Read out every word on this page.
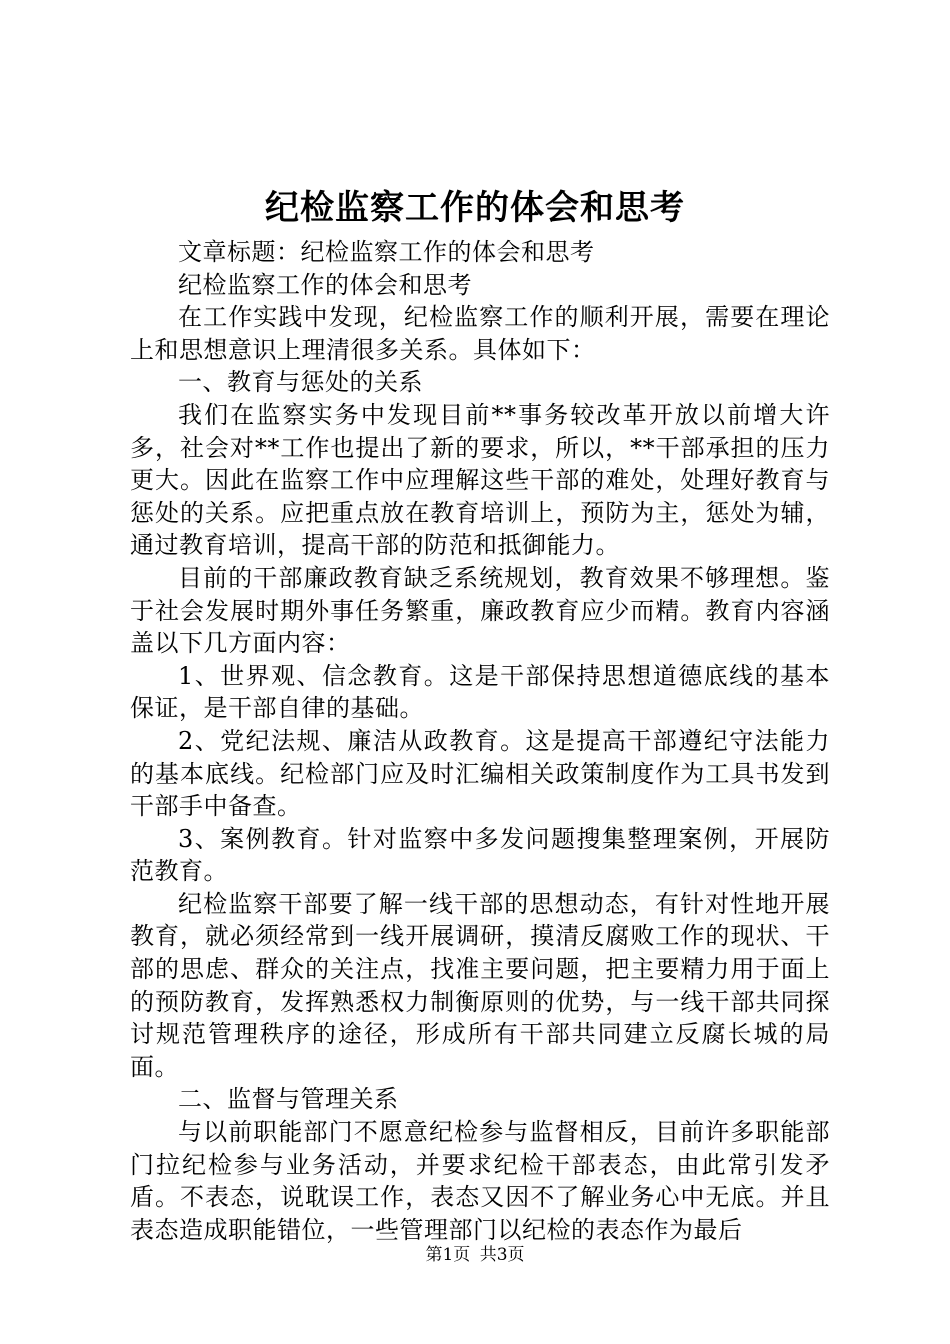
纪检监察工作的体会和思考

文章标题：纪检监察工作的体会和思考

纪检监察工作的体会和思考

在工作实践中发现，纪检监察工作的顺利开展，需要在理论上和思想意识上理清很多关系。具体如下：

一、教育与惩处的关系

我们在监察实务中发现目前**事务较改革开放以前增大许多，社会对**工作也提出了新的要求，所以，**干部承担的压力更大。因此在监察工作中应理解这些干部的难处，处理好教育与惩处的关系。应把重点放在教育培训上，预防为主，惩处为辅，通过教育培训，提高干部的防范和抵御能力。

目前的干部廉政教育缺乏系统规划，教育效果不够理想。鉴于社会发展时期外事任务繁重，廉政教育应少而精。教育内容涵盖以下几方面内容：

1、世界观、信念教育。这是干部保持思想道德底线的基本保证，是干部自律的基础。

2、党纪法规、廉洁从政教育。这是提高干部遵纪守法能力的基本底线。纪检部门应及时汇编相关政策制度作为工具书发到干部手中备查。

3、案例教育。针对监察中多发问题搜集整理案例，开展防范教育。

纪检监察干部要了解一线干部的思想动态，有针对性地开展教育，就必须经常到一线开展调研，摸清反腐败工作的现状、干部的思虑、群众的关注点，找准主要问题，把主要精力用于面上的预防教育，发挥熟悉权力制衡原则的优势，与一线干部共同探讨规范管理秩序的途径，形成所有干部共同建立反腐长城的局面。

二、监督与管理关系

与以前职能部门不愿意纪检参与监督相反，目前许多职能部门拉纪检参与业务活动，并要求纪检干部表态，由此常引发矛盾。不表态，说耽误工作，表态又因不了解业务心中无底。并且表态造成职能错位，一些管理部门以纪检的表态作为最后

第1页 共3页
